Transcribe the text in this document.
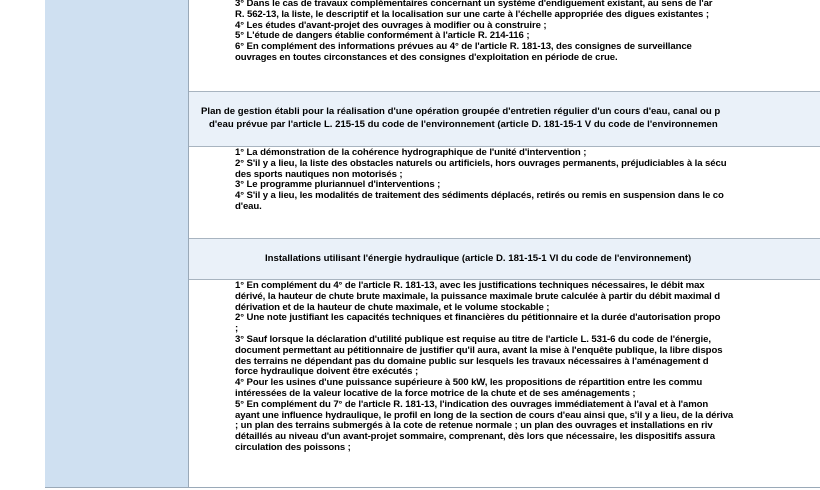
3° Dans le cas de travaux complémentaires concernant un système d'endiguement existant, au sens de l'ar

R. 562-13, la liste, le descriptif et la localisation sur une carte à l'échelle appropriée des digues existantes ;

4° Les études d'avant-projet des ouvrages à modifier ou à construire ;

5° L'étude de dangers établie conformément à l'article R. 214-116 ;

6° En complément des informations prévues au 4° de l'article R. 181-13, des consignes de surveillance

ouvrages en toutes circonstances et des consignes d'exploitation en période de crue.

Plan de gestion établi pour la réalisation d'une opération groupée d'entretien régulier d'un cours d'eau, canal ou p
d'eau prévue par l'article L. 215-15 du code de l'environnement (article D. 181-15-1 V du code de l'environnemen

1° La démonstration de la cohérence hydrographique de l'unité d'intervention ;

2° S'il y a lieu, la liste des obstacles naturels ou artificiels, hors ouvrages permanents, préjudiciables à la sécu

des sports nautiques non motorisés ;

3° Le programme pluriannuel d'interventions ;

4° S'il y a lieu, les modalités de traitement des sédiments déplacés, retirés ou remis en suspension dans le co

d'eau.

Installations utilisant l'énergie hydraulique (article D. 181-15-1 VI du code de l'environnement)

1° En complément du 4° de l'article R. 181-13, avec les justifications techniques nécessaires, le débit max

dérivé, la hauteur de chute brute maximale, la puissance maximale brute calculée à partir du débit maximal d

dérivation et de la hauteur de chute maximale, et le volume stockable ;

2° Une note justifiant les capacités techniques et financières du pétitionnaire et la durée d'autorisation propo

;

3° Sauf lorsque la déclaration d'utilité publique est requise au titre de l'article L. 531-6 du code de l'énergie,

document permettant au pétitionnaire de justifier qu'il aura, avant la mise à l'enquête publique, la libre dispos

des terrains ne dépendant pas du domaine public sur lesquels les travaux nécessaires à l'aménagement d

force hydraulique doivent être exécutés ;

4° Pour les usines d'une puissance supérieure à 500 kW, les propositions de répartition entre les commu

intéressées de la valeur locative de la force motrice de la chute et de ses aménagements ;

5° En complément du 7° de l'article R. 181-13, l'indication des ouvrages immédiatement à l'aval et à l'amon

ayant une influence hydraulique, le profil en long de la section de cours d'eau ainsi que, s'il y a lieu, de la dériva

; un plan des terrains submergés à la cote de retenue normale ; un plan des ouvrages et installations en riv

détaillés au niveau d'un avant-projet sommaire, comprenant, dès lors que nécessaire, les dispositifs assura

circulation des poissons ;
